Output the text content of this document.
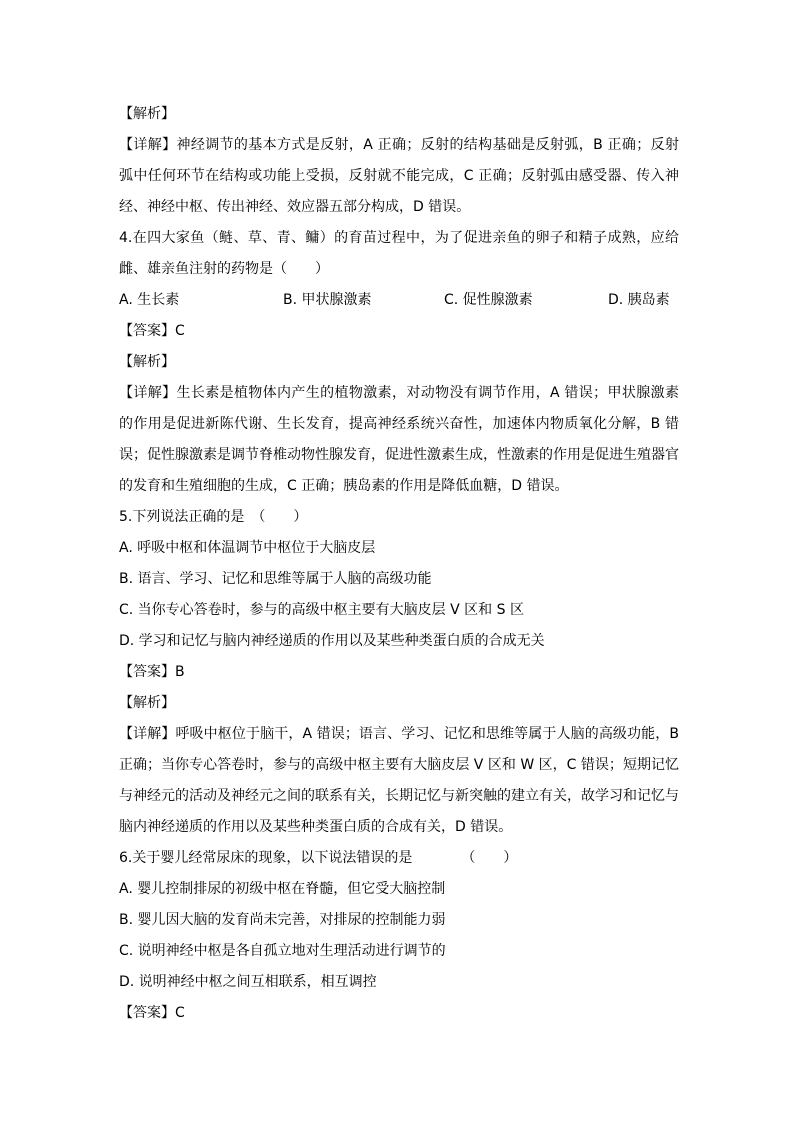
【解析】
【详解】神经调节的基本方式是反射，A 正确；反射的结构基础是反射弧，B 正确；反射弧中任何环节在结构或功能上受损，反射就不能完成，C 正确；反射弧由感受器、传入神经、神经中枢、传出神经、效应器五部分构成，D 错误。
4.在四大家鱼（鲢、草、青、鳙）的育苗过程中，为了促进亲鱼的卵子和精子成熟，应给雌、雄亲鱼注射的药物是（　　）
A. 生长素	B. 甲状腺激素	C. 促性腺激素	D. 胰岛素
【答案】C
【解析】
【详解】生长素是植物体内产生的植物激素，对动物没有调节作用，A 错误；甲状腺激素的作用是促进新陈代谢、生长发育，提高神经系统兴奋性，加速体内物质氧化分解，B 错误；促性腺激素是调节脊椎动物性腺发育，促进性激素生成，性激素的作用是促进生殖器官的发育和生殖细胞的生成，C 正确；胰岛素的作用是降低血糖，D 错误。
5.下列说法正确的是　（　　）
A. 呼吸中枢和体温调节中枢位于大脑皮层
B. 语言、学习、记忆和思维等属于人脑的高级功能
C. 当你专心答卷时，参与的高级中枢主要有大脑皮层 V 区和 S 区
D. 学习和记忆与脑内神经递质的作用以及某些种类蛋白质的合成无关
【答案】B
【解析】
【详解】呼吸中枢位于脑干，A 错误；语言、学习、记忆和思维等属于人脑的高级功能，B 正确；当你专心答卷时，参与的高级中枢主要有大脑皮层 V 区和 W 区，C 错误；短期记忆与神经元的活动及神经元之间的联系有关，长期记忆与新突触的建立有关，故学习和记忆与脑内神经递质的作用以及某些种类蛋白质的合成有关，D 错误。
6.关于婴儿经常尿床的现象，以下说法错误的是　　　　（　　）
A. 婴儿控制排尿的初级中枢在脊髓，但它受大脑控制
B. 婴儿因大脑的发育尚未完善，对排尿的控制能力弱
C. 说明神经中枢是各自孤立地对生理活动进行调节的
D. 说明神经中枢之间互相联系，相互调控
【答案】C
